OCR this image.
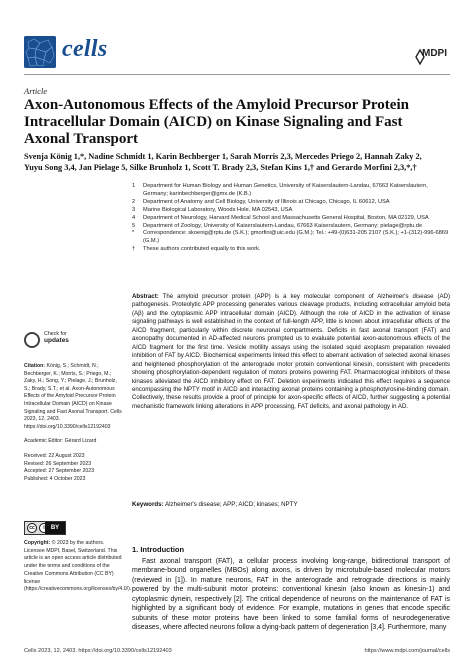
cells	MDPI
Article
Axon-Autonomous Effects of the Amyloid Precursor Protein Intracellular Domain (AICD) on Kinase Signaling and Fast Axonal Transport
Svenja König 1,*, Nadine Schmidt 1, Karin Bechberger 1, Sarah Morris 2,3, Mercedes Priego 2, Hannah Zaky 2,
Yuyu Song 3,4, Jan Pielage 5, Silke Brunholz 1, Scott T. Brady 2,3, Stefan Kins 1,† and Gerardo Morfini 2,3,*,†
1	Department for Human Biology and Human Genetics, University of Kaiserslautern-Landau, 67663 Kaiserslautern, Germany; karinbechberger@gmx.de (K.B.)
2	Department of Anatomy and Cell Biology, University of Illinois at Chicago, Chicago, IL 60612, USA
3	Marine Biological Laboratory, Woods Hole, MA 02543, USA
4	Department of Neurology, Harvard Medical School and Massachusetts General Hospital, Boston, MA 02129, USA
5	Department of Zoology, University of Kaiserslautern-Landau, 67663 Kaiserslautern, Germany; pielage@rptu.de
*	Correspondence: skoenig@rptu.de (S.K.); gmorfini@uic.edu (G.M.); Tel.: +49-(0)631-205 2107 (S.K.); +1-(312)-996-6869 (G.M.)
†	These authors contributed equally to this work.
Abstract: The amyloid precursor protein (APP) is a key molecular component of Alzheimer's disease (AD) pathogenesis. Proteolytic APP processing generates various cleavage products, including extracellular amyloid beta (Aβ) and the cytoplasmic APP intracellular domain (AICD). Although the role of AICD in the activation of kinase signaling pathways is well established in the context of full-length APP, little is known about intracellular effects of the AICD fragment, particularly within discrete neuronal compartments. Deficits in fast axonal transport (FAT) and axonopathy documented in AD-affected neurons prompted us to evaluate potential axon-autonomous effects of the AICD fragment for the first time. Vesicle motility assays using the isolated squid axoplasm preparation revealed inhibition of FAT by AICD. Biochemical experiments linked this effect to aberrant activation of selected axonal kinases and heightened phosphorylation of the anterograde motor protein conventional kinesin, consistent with precedents showing phosphorylation-dependent regulation of motors proteins powering FAT. Pharmacological inhibitors of these kinases alleviated the AICD inhibitory effect on FAT. Deletion experiments indicated this effect requires a sequence encompassing the NPTY motif in AICD and interacting axonal proteins containing a phosphotyrosine-binding domain. Collectively, these results provide a proof of principle for axon-specific effects of AICD, further suggesting a potential mechanistic framework linking alterations in APP processing, FAT deficits, and axonal pathology in AD.
Keywords: Alzheimer's disease; APP; AICD; kinases; NPTY
Check for
updates
Citation: König, S.; Schmidt, N.; Bechberger, K.; Morris, S.; Priego, M.; Zaky, H.; Song, Y.; Pielage, J.; Brunholz, S.; Brady, S.T.; et al. Axon-Autonomous Effects of the Amyloid Precursor Protein Intracellular Domain (AICD) on Kinase Signaling and Fast Axonal Transport. Cells 2023, 12, 2403. https://doi.org/10.3390/cells12192403
Academic Editor: Gérard Lizard
Received: 22 August 2023
Revised: 26 September 2023
Accepted: 27 September 2023
Published: 4 October 2023
cc	i	BY
Copyright: © 2023 by the authors. Licensee MDPI, Basel, Switzerland. This article is an open access article distributed under the terms and conditions of the Creative Commons Attribution (CC BY) license (https://creativecommons.org/licenses/by/4.0/).
1. Introduction
Fast axonal transport (FAT), a cellular process involving long-range, bidirectional transport of membrane-bound organelles (MBOs) along axons, is driven by microtubule-based molecular motors (reviewed in [1]). In mature neurons, FAT in the anterograde and retrograde directions is mainly powered by the multi-subunit motor proteins: conventional kinesin (also known as kinesin-1) and cytoplasmic dynein, respectively [2]. The critical dependence of neurons on the maintenance of FAT is highlighted by a significant body of evidence. For example, mutations in genes that encode specific subunits of these motor proteins have been linked to some familial forms of neurodegenerative diseases, where affected neurons follow a dying-back pattern of degeneration [3,4]. Furthermore, many
Cells 2023, 12, 2403. https://doi.org/10.3390/cells12192403	https://www.mdpi.com/journal/cells
